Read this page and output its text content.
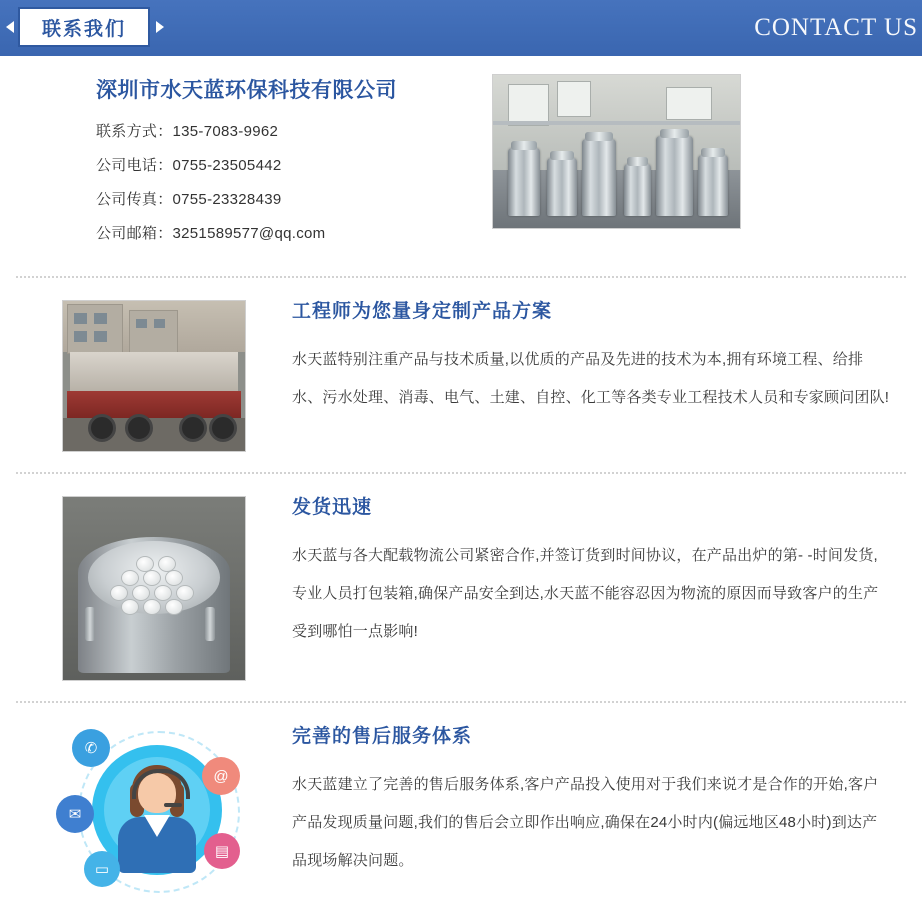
联系我们	CONTACT US
深圳市水天蓝环保科技有限公司
联系方式：135-7083-9962
公司电话：0755-23505442
公司传真：0755-23328439
公司邮箱：3251589577@qq.com
工程师为您量身定制产品方案

水天蓝特别注重产品与技术质量,以优质的产品及先进的技术为本,拥有环境工程、给排水、污水处理、消毒、电气、土建、自控、化工等各类专业工程技术人员和专家顾问团队!

发货迅速

水天蓝与各大配载物流公司紧密合作,并签订货到时间协议，在产品出炉的第- -时间发货,专业人员打包装箱,确保产品安全到达,水天蓝不能容忍因为物流的原因而导致客户的生产受到哪怕一点影响!

✆
@
✉
▤
▭
完善的售后服务体系

水天蓝建立了完善的售后服务体系,客户产品投入使用对于我们来说才是合作的开始,客户产品发现质量问题,我们的售后会立即作出响应,确保在24小时内(偏远地区48小时)到达产品现场解决问题。
